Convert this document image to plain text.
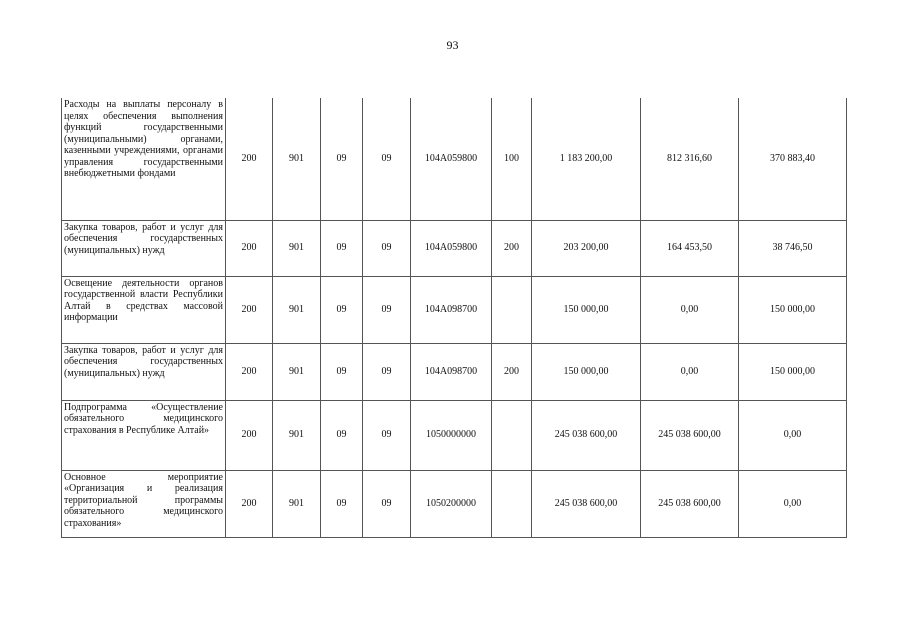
93
Расходы на выплаты персоналу в целях обеспечения выполнения функций государственными (муниципальными) органами, казенными учреждениями, органами управления государственными внебюджетными фондами	200	901	09	09	104А059800	100	1 183 200,00	812 316,60	370 883,40
Закупка товаров, работ и услуг для обеспечения государственных (муниципальных) нужд	200	901	09	09	104А059800	200	203 200,00	164 453,50	38 746,50
Освещение деятельности органов государственной власти Республики Алтай в средствах массовой информации	200	901	09	09	104А098700		150 000,00	0,00	150 000,00
Закупка товаров, работ и услуг для обеспечения государственных (муниципальных) нужд	200	901	09	09	104А098700	200	150 000,00	0,00	150 000,00
Подпрограмма «Осуществление обязательного медицинского страхования в Республике Алтай»	200	901	09	09	1050000000		245 038 600,00	245 038 600,00	0,00
Основное мероприятие «Организация и реализация территориальной программы обязательного медицинского страхования»	200	901	09	09	1050200000		245 038 600,00	245 038 600,00	0,00
